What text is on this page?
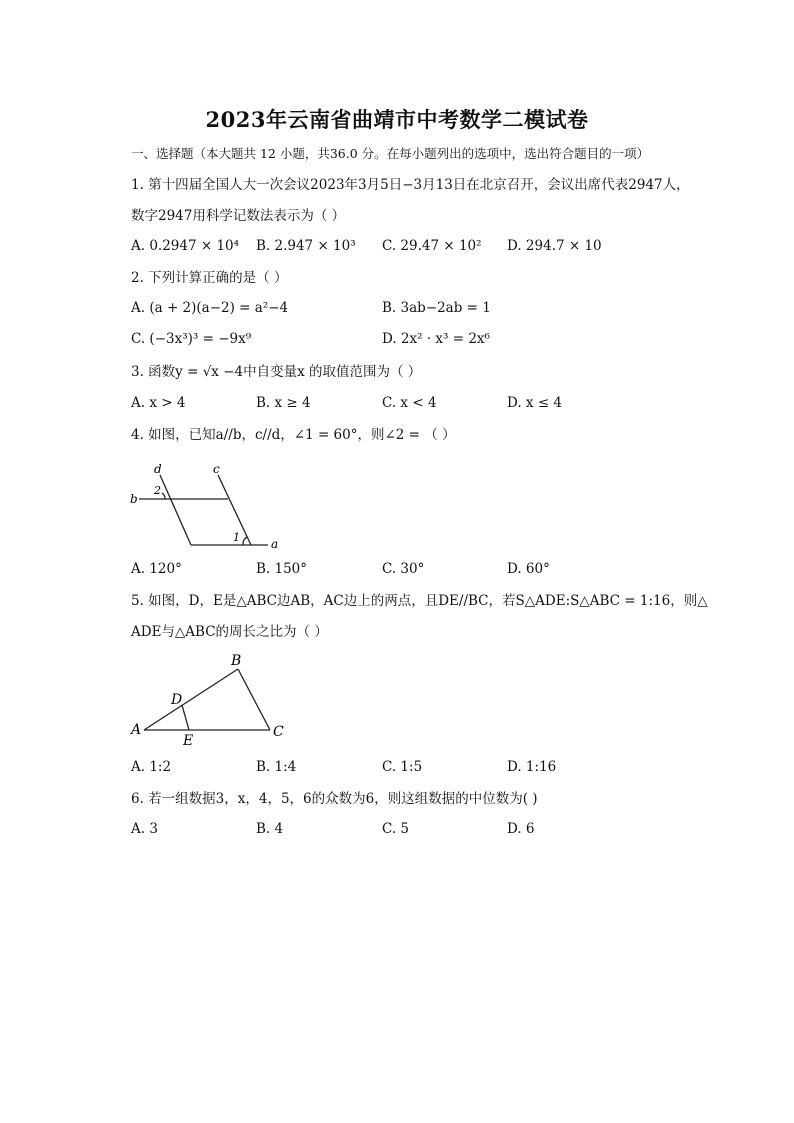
2023年云南省曲靖市中考数学二模试卷
一、选择题（本大题共 12 小题，共36.0 分。在每小题列出的选项中，选出符合题目的一项）
1. 第十四届全国人大一次会议2023年3月5日−3月13日在北京召开，会议出席代表2947人，
数字2947用科学记数法表示为（ ）
A. 0.2947 × 10⁴ B. 2.947 × 10³ C. 29.47 × 10² D. 294.7 × 10
2. 下列计算正确的是（ ）
A. (a + 2)(a−2) = a²−4	B. 3ab−2ab = 1
C. (−3x³)³ = −9x⁹	D. 2x² · x³ = 2x⁶
3. 函数y = √x −4中自变量x 的取值范围为（ ）
A. x > 4	B. x ≥ 4	C. x < 4	D. x ≤ 4
4. 如图，已知a//b，c//d，∠1 = 60°，则∠2 = （ ）
d	c
b
a
1
2
A. 120°	B. 150°	C. 30°	D. 60°
5. 如图，D，E是△ABC边AB，AC边上的两点，且DE//BC，若S△ADE:S△ABC = 1:16，则△
ADE与△ABC的周长之比为（ ）
B
D
A
E
C
A. 1:2	B. 1:4	C. 1:5	D. 1:16
6. 若一组数据3，x，4，5，6的众数为6，则这组数据的中位数为( )
A. 3	B. 4	C. 5	D. 6
